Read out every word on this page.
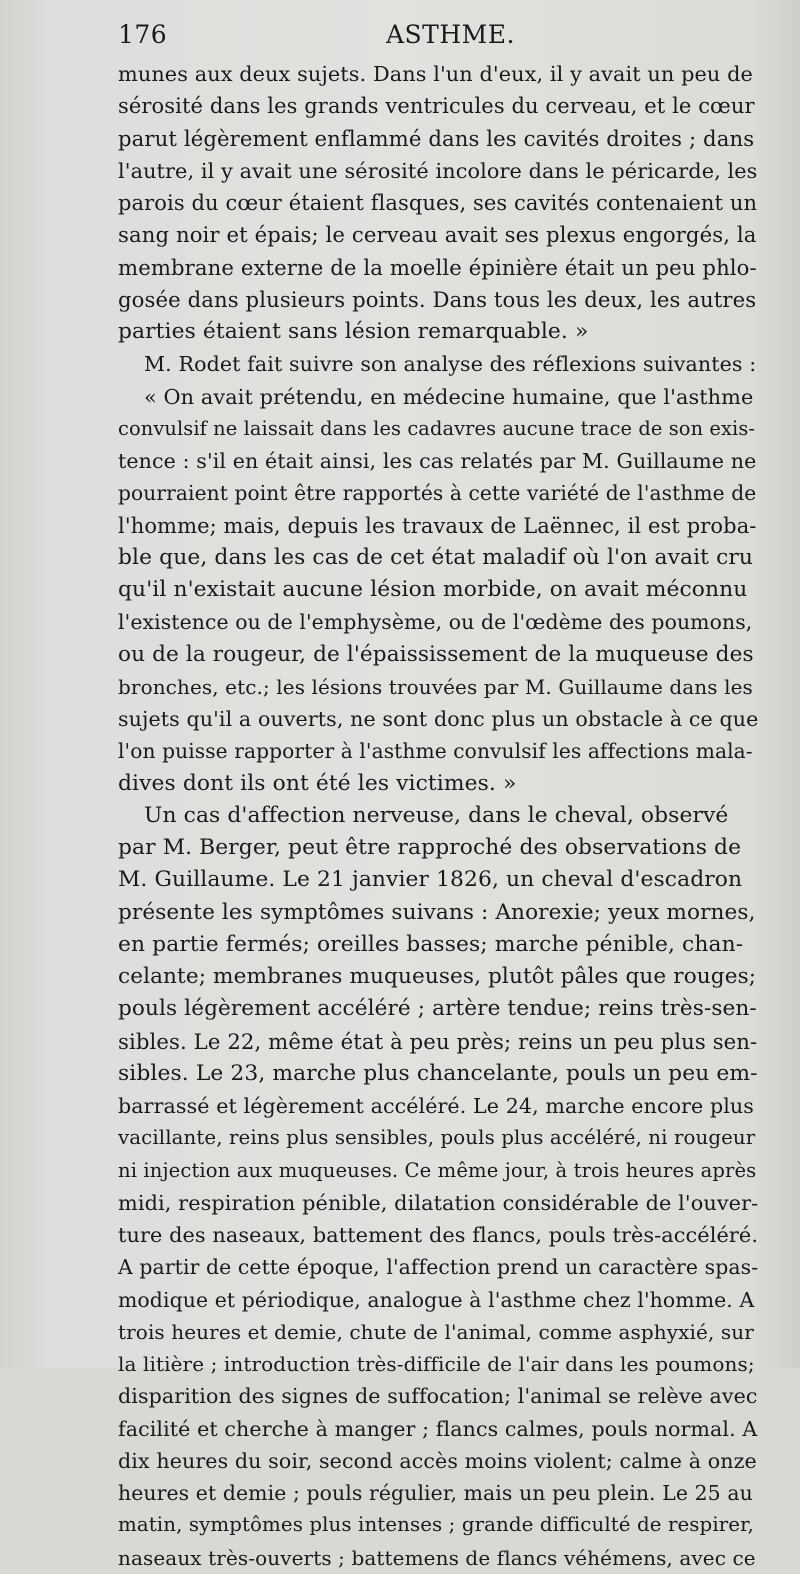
176	ASTHME.
munes aux deux sujets. Dans l'un d'eux, il y avait un peu de
sérosité dans les grands ventricules du cerveau, et le cœur
parut légèrement enflammé dans les cavités droites ; dans
l'autre, il y avait une sérosité incolore dans le péricarde, les
parois du cœur étaient flasques, ses cavités contenaient un
sang noir et épais; le cerveau avait ses plexus engorgés, la
membrane externe de la moelle épinière était un peu phlo-
gosée dans plusieurs points. Dans tous les deux, les autres
parties étaient sans lésion remarquable. »
M. Rodet fait suivre son analyse des réflexions suivantes :
« On avait prétendu, en médecine humaine, que l'asthme
convulsif ne laissait dans les cadavres aucune trace de son exis-
tence : s'il en était ainsi, les cas relatés par M. Guillaume ne
pourraient point être rapportés à cette variété de l'asthme de
l'homme; mais, depuis les travaux de Laënnec, il est proba-
ble que, dans les cas de cet état maladif où l'on avait cru
qu'il n'existait aucune lésion morbide, on avait méconnu
l'existence ou de l'emphysème, ou de l'œdème des poumons,
ou de la rougeur, de l'épaississement de la muqueuse des
bronches, etc.; les lésions trouvées par M. Guillaume dans les
sujets qu'il a ouverts, ne sont donc plus un obstacle à ce que
l'on puisse rapporter à l'asthme convulsif les affections mala-
dives dont ils ont été les victimes. »
Un cas d'affection nerveuse, dans le cheval, observé
par M. Berger, peut être rapproché des observations de
M. Guillaume. Le 21 janvier 1826, un cheval d'escadron
présente les symptômes suivans : Anorexie; yeux mornes,
en partie fermés; oreilles basses; marche pénible, chan-
celante; membranes muqueuses, plutôt pâles que rouges;
pouls légèrement accéléré ; artère tendue; reins très-sen-
sibles. Le 22, même état à peu près; reins un peu plus sen-
sibles. Le 23, marche plus chancelante, pouls un peu em-
barrassé et légèrement accéléré. Le 24, marche encore plus
vacillante, reins plus sensibles, pouls plus accéléré, ni rougeur
ni injection aux muqueuses. Ce même jour, à trois heures après
midi, respiration pénible, dilatation considérable de l'ouver-
ture des naseaux, battement des flancs, pouls très-accéléré.
A partir de cette époque, l'affection prend un caractère spas-
modique et périodique, analogue à l'asthme chez l'homme. A
trois heures et demie, chute de l'animal, comme asphyxié, sur
la litière ; introduction très-difficile de l'air dans les poumons;
disparition des signes de suffocation; l'animal se relève avec
facilité et cherche à manger ; flancs calmes, pouls normal. A
dix heures du soir, second accès moins violent; calme à onze
heures et demie ; pouls régulier, mais un peu plein. Le 25 au
matin, symptômes plus intenses ; grande difficulté de respirer,
naseaux très-ouverts ; battemens de flancs véhémens, avec ce
